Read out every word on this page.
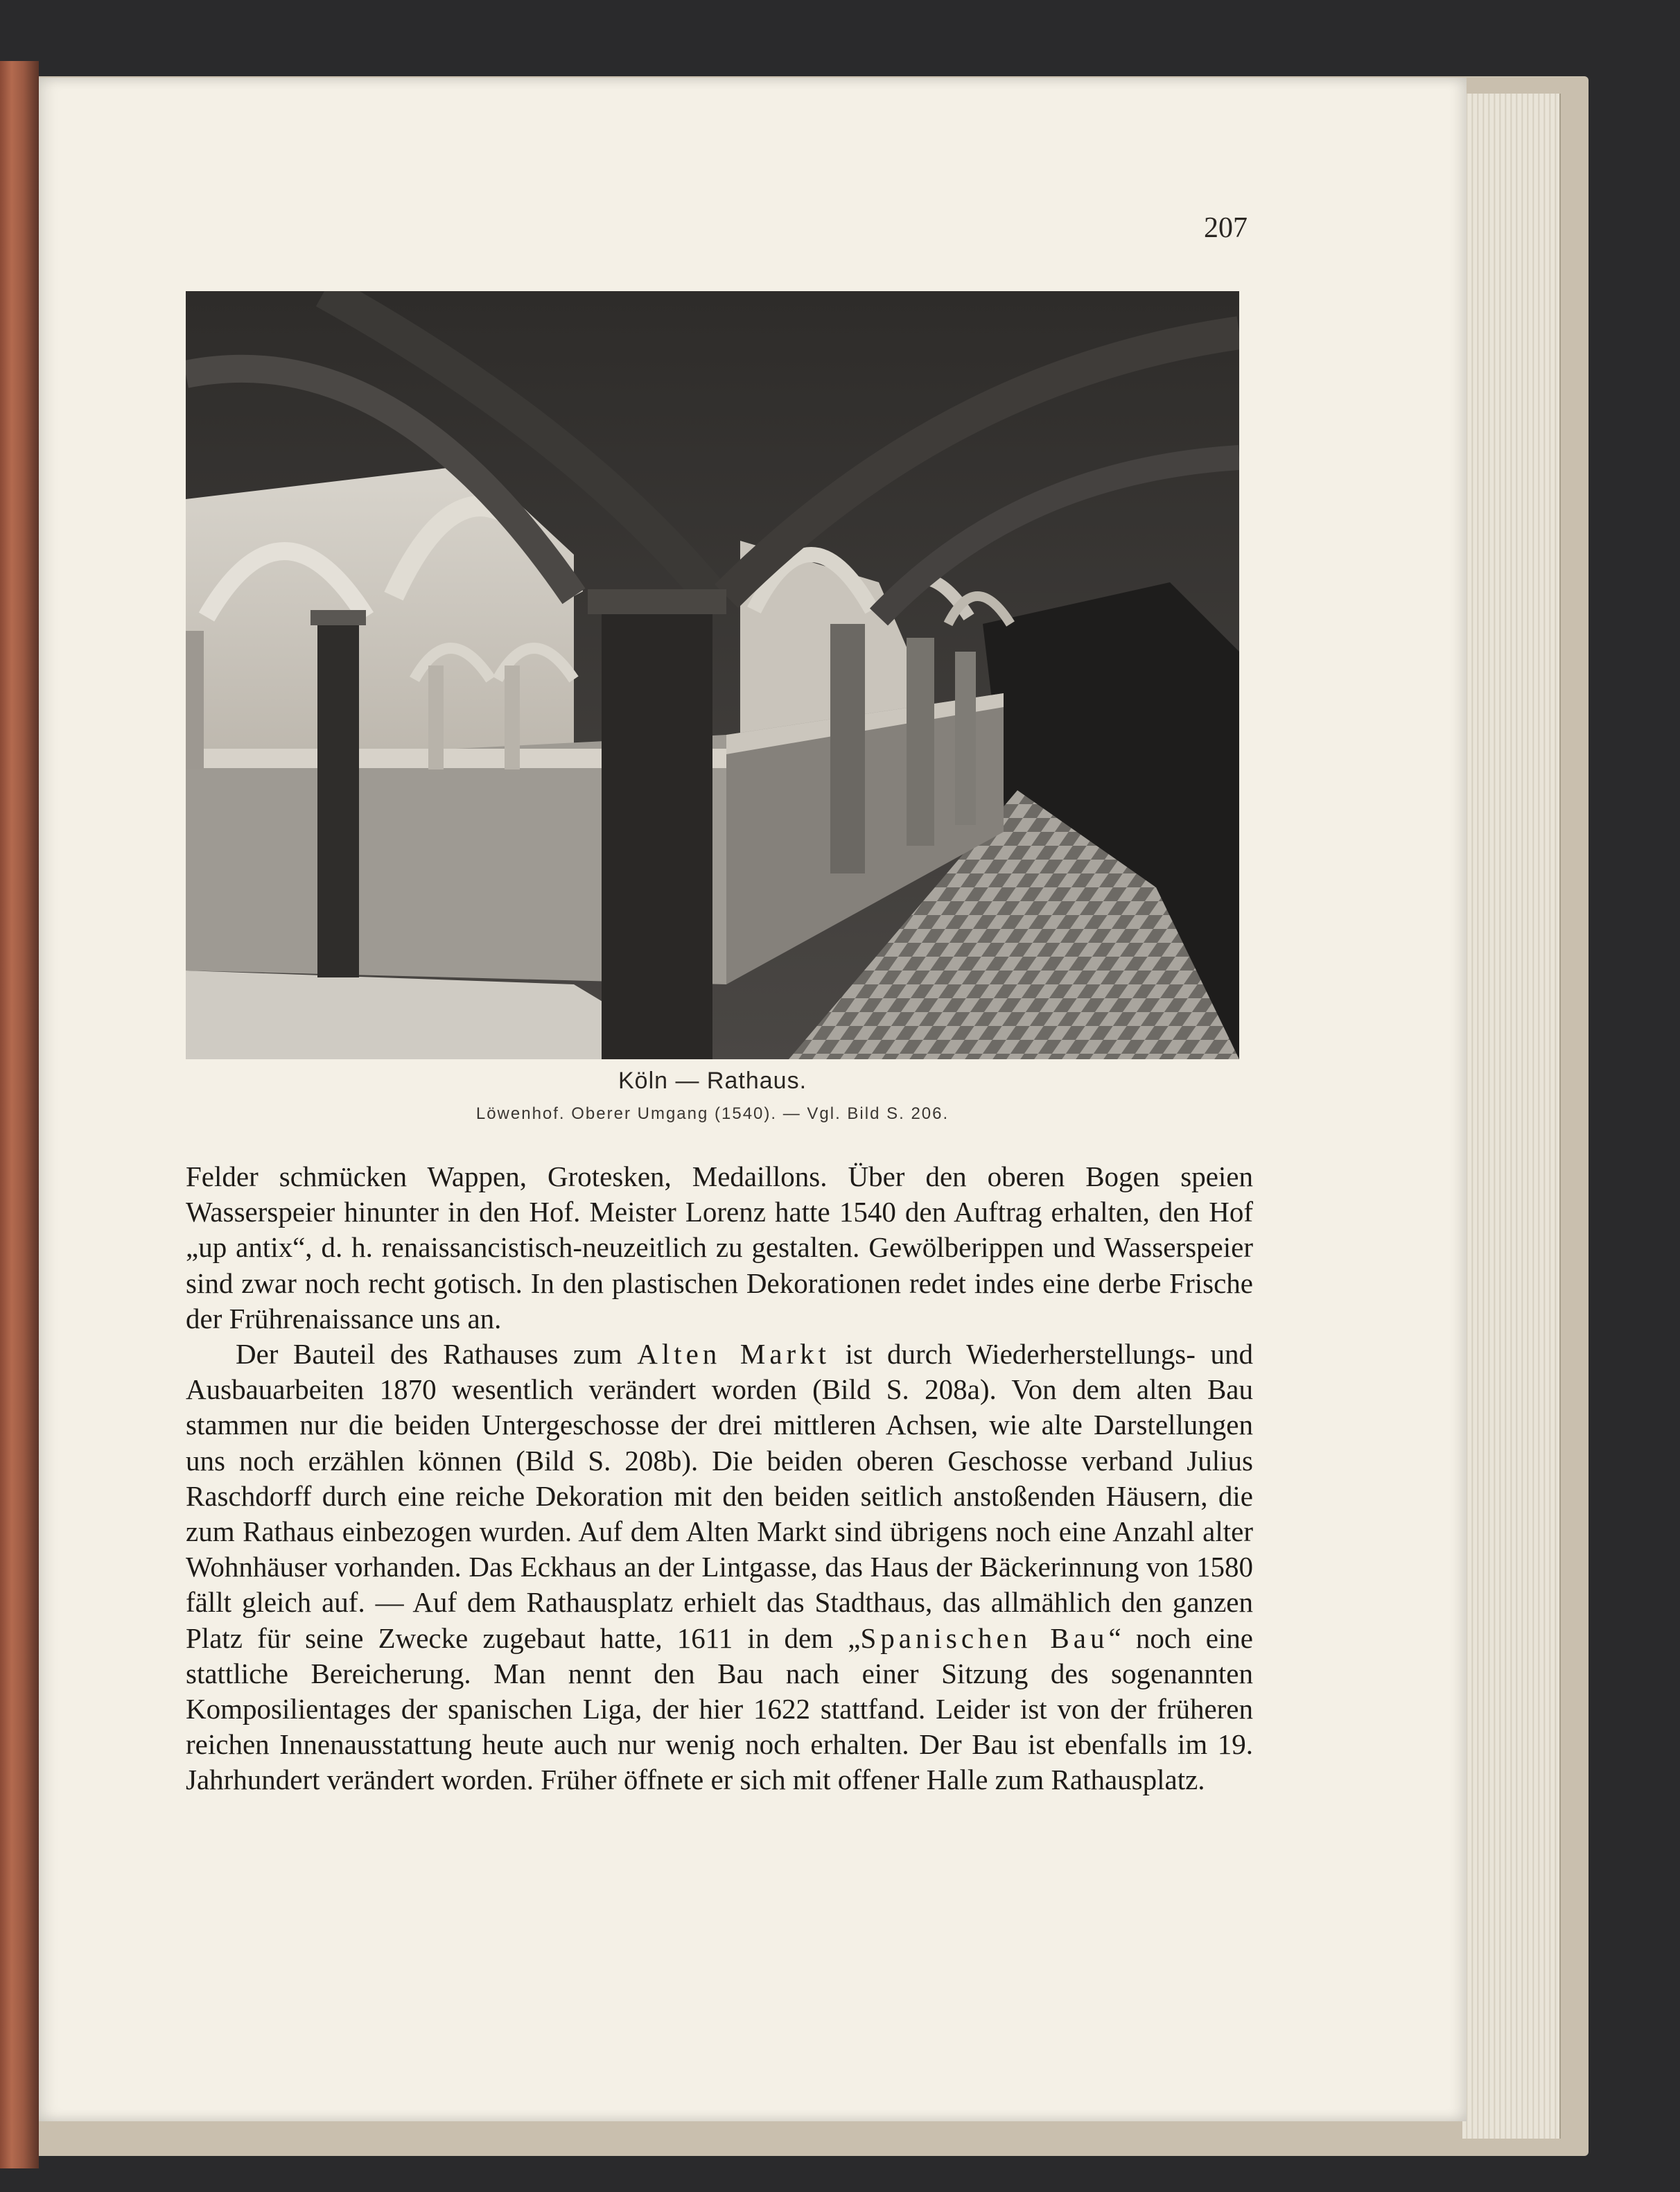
207
Köln — Rathaus.
Löwenhof. Oberer Umgang (1540). — Vgl. Bild S. 206.

Felder schmücken Wappen, Grotesken, Medaillons. Über den oberen Bogen speien Wasserspeier hinunter in den Hof. Meister Lorenz hatte 1540 den Auftrag erhalten, den Hof „up antix“, d. h. renaissancistisch-neuzeitlich zu gestalten. Gewölberippen und Wasserspeier sind zwar noch recht gotisch. In den plastischen Dekorationen redet indes eine derbe Frische der Frührenaissance uns an.

Der Bauteil des Rathauses zum Alten Markt ist durch Wiederherstellungs- und Ausbauarbeiten 1870 wesentlich verändert worden (Bild S. 208a). Von dem alten Bau stammen nur die beiden Untergeschosse der drei mittleren Achsen, wie alte Darstellungen uns noch erzählen können (Bild S. 208b). Die beiden oberen Geschosse verband Julius Raschdorff durch eine reiche Dekoration mit den beiden seitlich anstoßenden Häusern, die zum Rathaus einbezogen wurden. Auf dem Alten Markt sind übrigens noch eine Anzahl alter Wohnhäuser vorhanden. Das Eckhaus an der Lintgasse, das Haus der Bäckerinnung von 1580 fällt gleich auf. — Auf dem Rathausplatz erhielt das Stadthaus, das allmählich den ganzen Platz für seine Zwecke zugebaut hatte, 1611 in dem „Spanischen Bau“ noch eine stattliche Bereicherung. Man nennt den Bau nach einer Sitzung des sogenannten Komposilientages der spanischen Liga, der hier 1622 stattfand. Leider ist von der früheren reichen Innenausstattung heute auch nur wenig noch erhalten. Der Bau ist ebenfalls im 19. Jahrhundert verändert worden. Früher öffnete er sich mit offener Halle zum Rathausplatz.
